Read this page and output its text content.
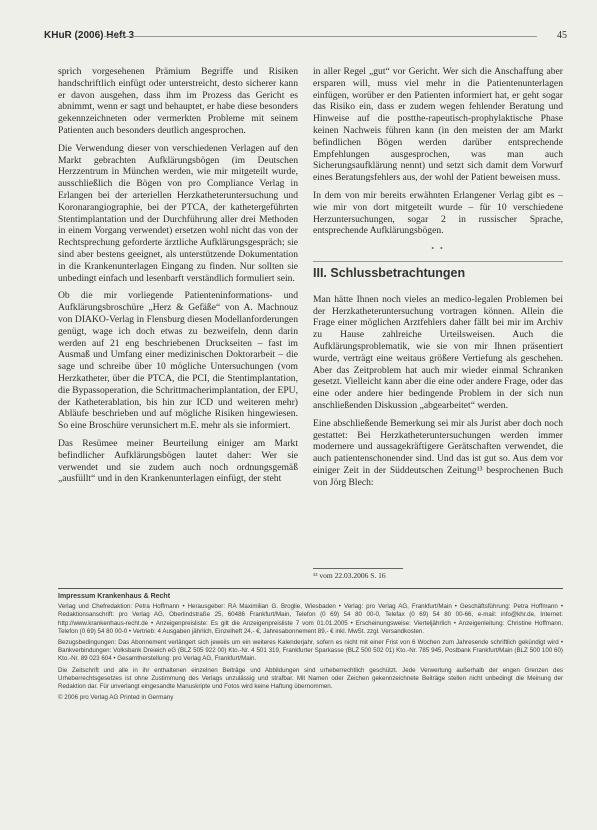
KHuR (2006) Heft 3	45

sprich vorgesehenen Prämium Begriffe und Risiken handschriftlich einfügt oder unterstreicht, desto sicherer kann er davon ausgehen, dass ihm im Prozess das Gericht es abnimmt, wenn er sagt und behauptet, er habe diese besonders gekennzeichneten oder vermerkten Probleme mit seinem Patienten auch besonders deutlich angesprochen.

Die Verwendung dieser von verschiedenen Verlagen auf den Markt gebrachten Aufklärungsbögen (im Deutschen Herzzentrum in München werden, wie mir mitgeteilt wurde, ausschließlich die Bögen von pro Compliance Verlag in Erlangen bei der arteriellen Herzkatheteruntersuchung und Koronarangiographie, bei der PTCA, der kathetergeführten Stentimplantation und der Durchführung aller drei Methoden in einem Vorgang verwendet) ersetzen wohl nicht das von der Rechtsprechung geforderte ärztliche Aufklärungsgespräch; sie sind aber bestens geeignet, als unterstützende Dokumentation in die Krankenunterlagen Eingang zu finden. Nur sollten sie unbedingt einfach und lesenbarft verständlich formuliert sein.

Ob die mir vorliegende Patienteninformations- und Aufklärungsbroschüre „Herz & Gefäße“ von A. Machnouz von DIAKO-Verlag in Flensburg diesen Modellanforderungen genügt, wage ich doch etwas zu bezweifeln, denn darin werden auf 21 eng beschriebenen Druckseiten – fast im Ausmaß und Umfang einer medizinischen Doktorarbeit – die sage und schreibe über 10 mögliche Untersuchungen (vom Herzkatheter, über die PTCA, die PCI, die Stentimplantation, die Bypassoperation, die Schrittmacherimplantation, der EPU, der Katheterablation, bis hin zur ICD und weiteren mehr) Abläufe beschrieben und auf mögliche Risiken hingewiesen. So eine Broschüre verunsichert m.E. mehr als sie informiert.

Das Resümee meiner Beurteilung einiger am Markt befindlicher Aufklärungsbögen lautet daher: Wer sie verwendet und sie zudem auch noch ordnungsgemäß „ausfüllt“ und in den Krankenunterlagen einfügt, der steht

in aller Regel „gut“ vor Gericht. Wer sich die Anschaffung aber ersparen will, muss viel mehr in die Patientenunterlagen einfügen, worüber er den Patienten informiert hat, er geht sogar das Risiko ein, dass er zudem wegen fehlender Beratung und Hinweise auf die postthe-rapeutisch-prophylaktische Phase keinen Nachweis führen kann (in den meisten der am Markt befindlichen Bögen werden darüber entsprechende Empfehlungen ausgesprochen, was man auch Sicherungsaufklärung nennt) und setzt sich damit dem Vorwurf eines Beratungsfehlers aus, der wohl der Patient beweisen muss.

In dem von mir bereits erwähnten Erlangener Verlag gibt es – wie mir von dort mitgeteilt wurde – für 10 verschiedene Herzuntersuchungen, sogar 2 in russischer Sprache, entsprechende Aufklärungsbögen.

• •
III. Schlussbetrachtungen

Man hätte Ihnen noch vieles an medico-legalen Problemen bei der Herzkatheteruntersuchung vortragen können. Allein die Frage einer möglichen Arztfehlers daher fällt bei mir im Archiv zu Hause zahlreiche Urteilsweisen. Auch die Aufklärungsproblematik, wie sie von mir Ihnen präsentiert wurde, verträgt eine weitaus größere Vertiefung als geschehen. Aber das Zeitproblem hat auch mir wieder einmal Schranken gesetzt. Vielleicht kann aber die eine oder andere Frage, oder das eine oder andere hier bedingende Problem in der sich nun anschließenden Diskussion „abgearbeitet“ werden.

Eine abschließende Bemerkung sei mir als Jurist aber doch noch gestattet: Bei Herzkatheteruntersuchungen werden immer modernere und aussagekräftigere Gerätschaften verwendet, die auch patientenschonender sind. Und das ist gut so. Aus dem vor einiger Zeit in der Süddeutschen Zeitung¹³ besprochenen Buch von Jörg Blech:

¹³ vom 22.03.2006 S. 16
Impressum Krankenhaus & Recht

Verlag und Chefredaktion: Petra Hoffmann • Herausgeber: RA Maximilian G. Broglie, Wiesbaden • Verlag: pro Verlag AG, Frankfurt/Main • Geschäftsführung: Petra Hoffmann • Redaktionsanschrift: pro Verlag AG, Oberlindstraße 25, 60486 Frankfurt/Main, Telefon (0 69) 54 80 00-0, Telefax (0 69) 54 80 00-66, e-mail: info@khr.de, Internet: http://www.krankenhaus-recht.de • Anzeigenpreisliste: Es gilt die Anzeigenpreisliste 7 vom 01.01.2005 • Erscheinungsweise: Vierteljährlich • Anzeigenleitung: Christine Hoffmann, Telefon (0 69) 54 80 00-0 • Vertrieb: 4 Ausgaben jährlich, Einzelheft 24,- €, Jahresabonnement 89,- € inkl. MwSt. zzgl. Versandkosten.

Bezugsbedingungen: Das Abonnement verlängert sich jeweils um ein weiteres Kalenderjahr, sofern es nicht mit einer Frist von 6 Wochen zum Jahresende schriftlich gekündigt wird • Bankverbindungen: Volksbank Dreieich eG (BLZ 505 922 00) Kto.-Nr. 4 501 319, Frankfurter Sparkasse (BLZ 500 502 01) Kto.-Nr. 785 945, Postbank Frankfurt/Main (BLZ 500 100 60) Kto.-Nr. 89 023 604 • Gesamtherstellung: pro Verlag AG, Frankfurt/Main.

Die Zeitschrift und alle in ihr enthaltenen einzelnen Beiträge und Abbildungen sind urheberrechtlich geschützt. Jede Verwertung außerhalb der engen Grenzen des Urheberrechtsgesetzes ist ohne Zustimmung des Verlags unzulässig und strafbar. Mit Namen oder Zeichen gekennzeichnete Beiträge stellen nicht unbedingt die Meinung der Redaktion dar. Für unverlangt eingesandte Manuskripte und Fotos wird keine Haftung übernommen.

© 2006 pro Verlag AG Printed in Germany
